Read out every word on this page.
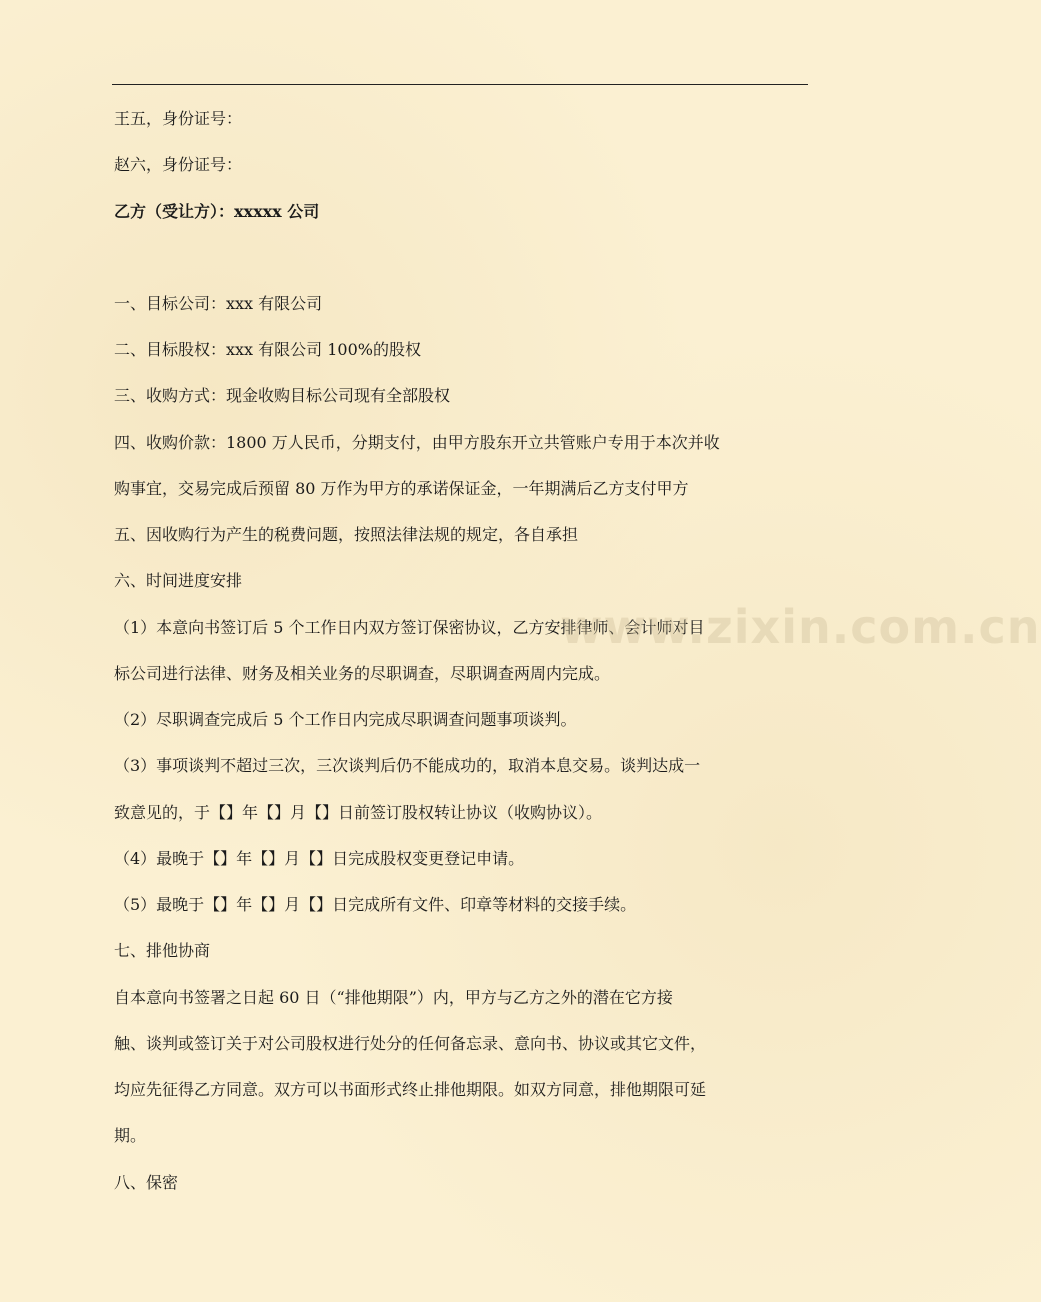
王五，身份证号：
赵六，身份证号：
乙方（受让方）：xxxxx 公司
一、目标公司：xxx 有限公司
二、目标股权：xxx 有限公司 100%的股权
三、收购方式：现金收购目标公司现有全部股权
四、收购价款：1800 万人民币，分期支付，由甲方股东开立共管账户专用于本次并收
购事宜，交易完成后预留 80 万作为甲方的承诺保证金，一年期满后乙方支付甲方
五、因收购行为产生的税费问题，按照法律法规的规定，各自承担
六、时间进度安排
（1）本意向书签订后 5 个工作日内双方签订保密协议，乙方安排律师、会计师对目
标公司进行法律、财务及相关业务的尽职调查，尽职调查两周内完成。
（2）尽职调查完成后 5 个工作日内完成尽职调查问题事项谈判。
（3）事项谈判不超过三次，三次谈判后仍不能成功的，取消本息交易。谈判达成一
致意见的，于【】年【】月【】日前签订股权转让协议（收购协议）。
（4）最晚于【】年【】月【】日完成股权变更登记申请。
（5）最晚于【】年【】月【】日完成所有文件、印章等材料的交接手续。
七、排他协商
自本意向书签署之日起 60 日（“排他期限”）内，甲方与乙方之外的潜在它方接
触、谈判或签订关于对公司股权进行处分的任何备忘录、意向书、协议或其它文件，
均应先征得乙方同意。双方可以书面形式终止排他期限。如双方同意，排他期限可延
期。
八、保密
www.zixin.com.cn
